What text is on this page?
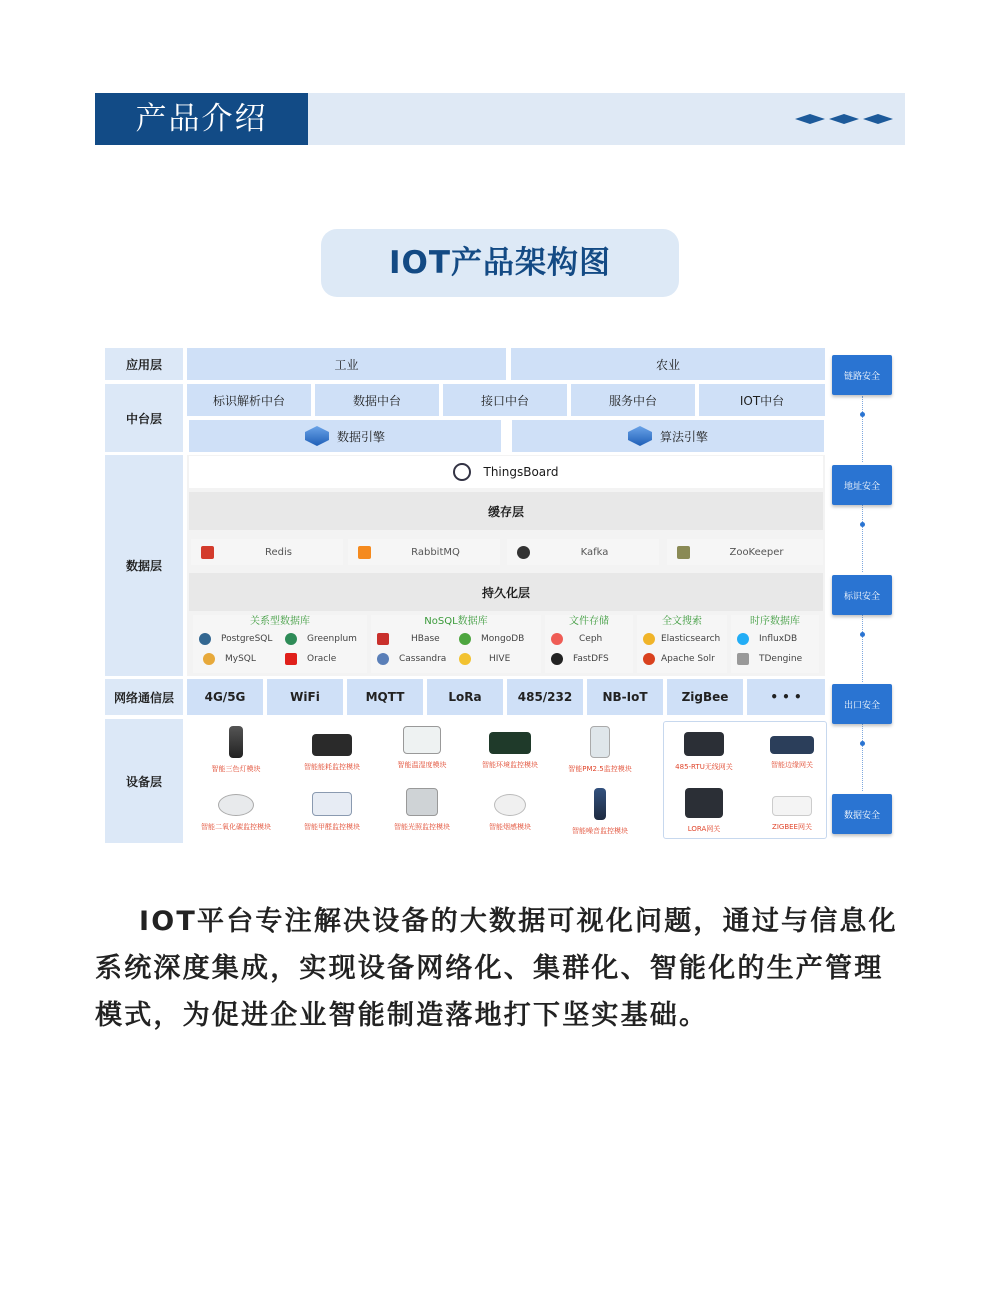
产品介绍
IOT产品架构图
应用层
中台层
数据层
网络通信层
设备层
工业	农业
标识解析中台	数据中台	接口中台	服务中台	IOT中台
数据引擎	算法引擎
ThingsBoard
缓存层
Redis	RabbitMQ	Kafka	ZooKeeper
持久化层
关系型数据库
PostgreSQL	Greenplum
MySQL	Oracle
NoSQL数据库
HBase	MongoDB
Cassandra	HIVE
文件存储
Ceph
FastDFS
全文搜索
Elasticsearch
Apache Solr
时序数据库
InfluxDB
TDengine
4G/5G	WiFi	MQTT	LoRa	485/232	NB-IoT	ZigBee	• • •
智能三色灯模块	智能能耗监控模块	智能温湿度模块	智能环境监控模块	智能PM2.5监控模块
智能二氧化碳监控模块	智能甲醛监控模块	智能光照监控模块	智能烟感模块	智能噪音监控模块
485-RTU无线网关	智能边缘网关
LORA网关	ZIGBEE网关
链路安全
地址安全
标识安全
出口安全
数据安全

IOT平台专注解决设备的大数据可视化问题，通过与信息化系统深度集成，实现设备网络化、集群化、智能化的生产管理模式，为促进企业智能制造落地打下坚实基础。
